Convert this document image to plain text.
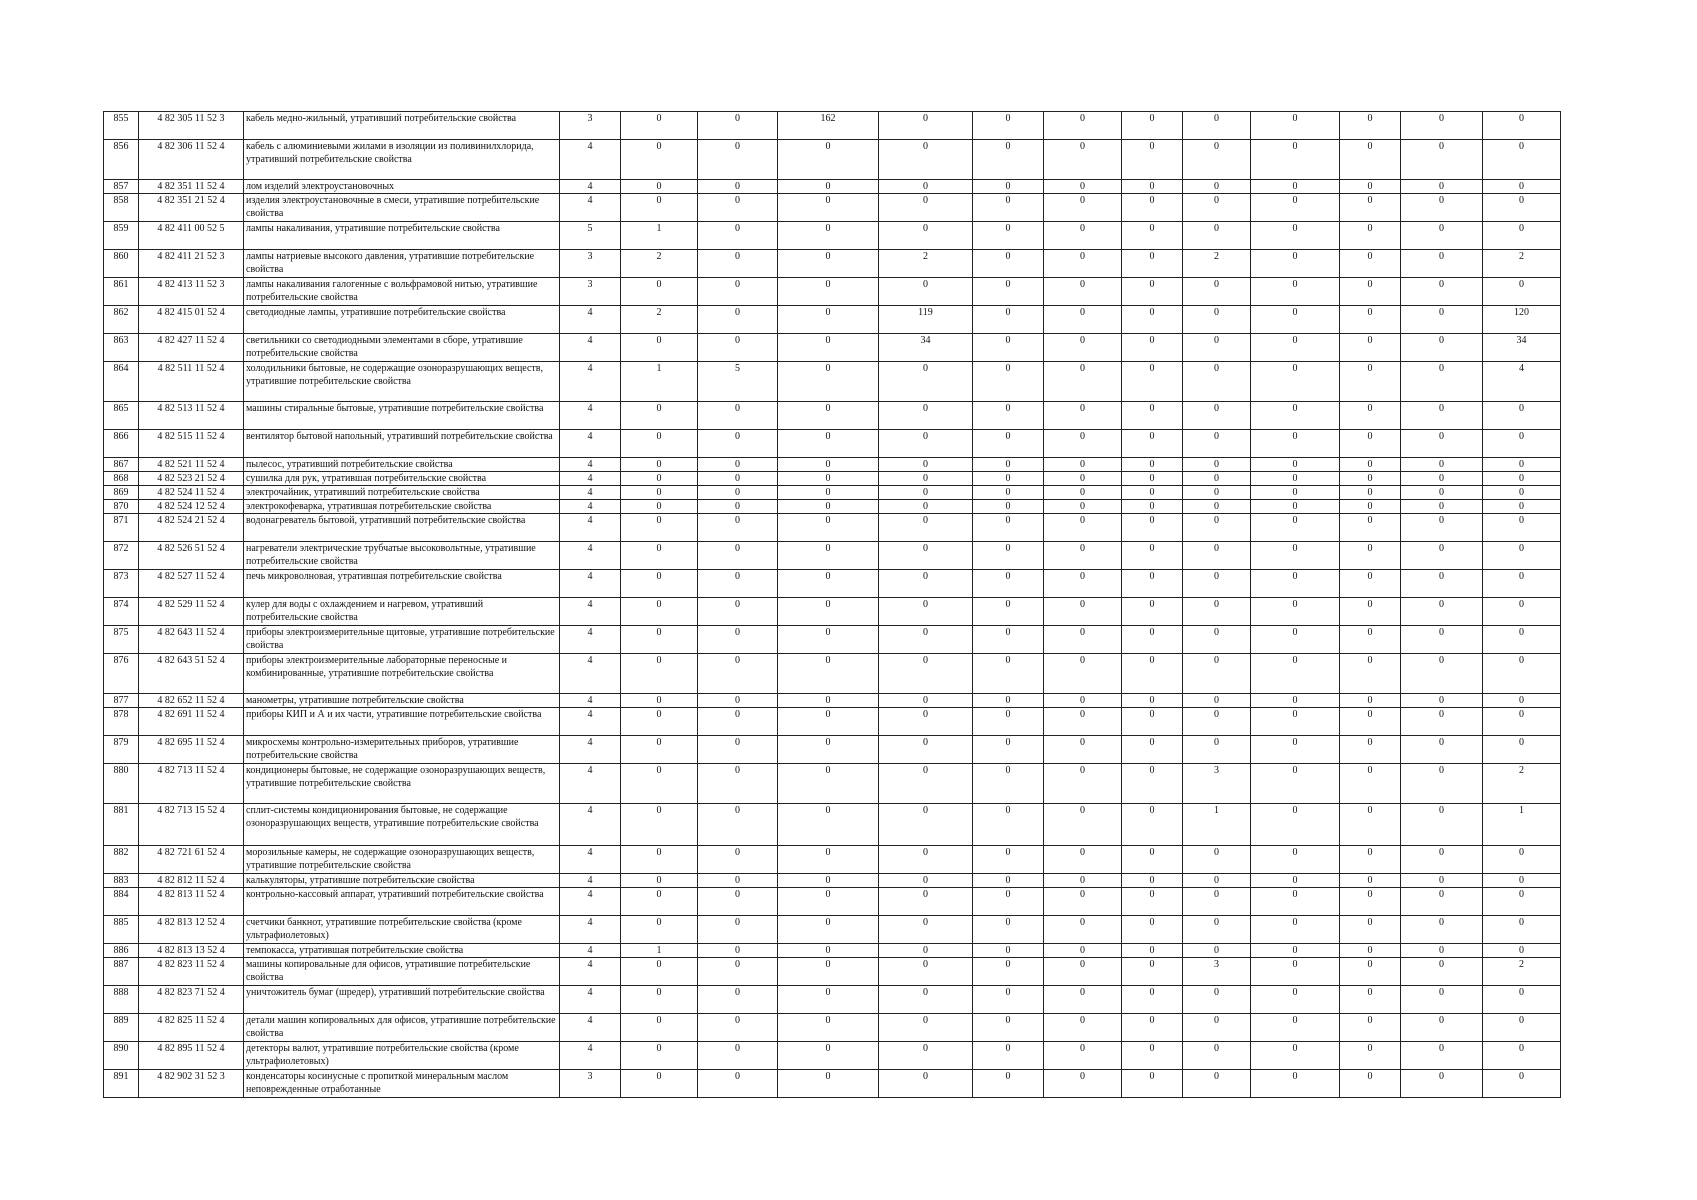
855	4 82 305 11 52 3	кабель медно-жильный, утративший потребительские свойства	3	0	0	162	0	0	0	0	0	0	0	0	0
856	4 82 306 11 52 4	кабель с алюминиевыми жилами в изоляции из поливинилхлорида, утративший потребительские свойства	4	0	0	0	0	0	0	0	0	0	0	0	0
857	4 82 351 11 52 4	лом изделий электроустановочных	4	0	0	0	0	0	0	0	0	0	0	0	0
858	4 82 351 21 52 4	изделия электроустановочные в смеси, утратившие потребительские свойства	4	0	0	0	0	0	0	0	0	0	0	0	0
859	4 82 411 00 52 5	лампы накаливания, утратившие потребительские свойства	5	1	0	0	0	0	0	0	0	0	0	0	0
860	4 82 411 21 52 3	лампы натриевые высокого давления, утратившие потребительские свойства	3	2	0	0	2	0	0	0	2	0	0	0	2
861	4 82 413 11 52 3	лампы накаливания галогенные с вольфрамовой нитью, утратившие потребительские свойства	3	0	0	0	0	0	0	0	0	0	0	0	0
862	4 82 415 01 52 4	светодиодные лампы, утратившие потребительские свойства	4	2	0	0	119	0	0	0	0	0	0	0	120
863	4 82 427 11 52 4	светильники со светодиодными элементами в сборе, утратившие потребительские свойства	4	0	0	0	34	0	0	0	0	0	0	0	34
864	4 82 511 11 52 4	холодильники бытовые, не содержащие озоноразрушающих веществ, утратившие потребительские свойства	4	1	5	0	0	0	0	0	0	0	0	0	4
865	4 82 513 11 52 4	машины стиральные бытовые, утратившие потребительские свойства	4	0	0	0	0	0	0	0	0	0	0	0	0
866	4 82 515 11 52 4	вентилятор бытовой напольный, утративший потребительские свойства	4	0	0	0	0	0	0	0	0	0	0	0	0
867	4 82 521 11 52 4	пылесос, утративший потребительские свойства	4	0	0	0	0	0	0	0	0	0	0	0	0
868	4 82 523 21 52 4	сушилка для рук, утратившая потребительские свойства	4	0	0	0	0	0	0	0	0	0	0	0	0
869	4 82 524 11 52 4	электрочайник, утративший потребительские свойства	4	0	0	0	0	0	0	0	0	0	0	0	0
870	4 82 524 12 52 4	электрокофеварка, утратившая потребительские свойства	4	0	0	0	0	0	0	0	0	0	0	0	0
871	4 82 524 21 52 4	водонагреватель бытовой, утративший потребительские свойства	4	0	0	0	0	0	0	0	0	0	0	0	0
872	4 82 526 51 52 4	нагреватели электрические трубчатые высоковольтные, утратившие потребительские свойства	4	0	0	0	0	0	0	0	0	0	0	0	0
873	4 82 527 11 52 4	печь микроволновая, утратившая потребительские свойства	4	0	0	0	0	0	0	0	0	0	0	0	0
874	4 82 529 11 52 4	кулер для воды с охлаждением и нагревом, утративший потребительские свойства	4	0	0	0	0	0	0	0	0	0	0	0	0
875	4 82 643 11 52 4	приборы электроизмерительные щитовые, утратившие потребительские свойства	4	0	0	0	0	0	0	0	0	0	0	0	0
876	4 82 643 51 52 4	приборы электроизмерительные лабораторные переносные и комбинированные, утратившие потребительские свойства	4	0	0	0	0	0	0	0	0	0	0	0	0
877	4 82 652 11 52 4	манометры, утратившие потребительские свойства	4	0	0	0	0	0	0	0	0	0	0	0	0
878	4 82 691 11 52 4	приборы КИП и А и их части, утратившие потребительские свойства	4	0	0	0	0	0	0	0	0	0	0	0	0
879	4 82 695 11 52 4	микросхемы контрольно-измерительных приборов, утратившие потребительские свойства	4	0	0	0	0	0	0	0	0	0	0	0	0
880	4 82 713 11 52 4	кондиционеры бытовые, не содержащие озоноразрушающих веществ, утратившие потребительские свойства	4	0	0	0	0	0	0	0	3	0	0	0	2
881	4 82 713 15 52 4	сплит-системы кондиционирования бытовые, не содержащие озоноразрушающих веществ, утратившие потребительские свойства	4	0	0	0	0	0	0	0	1	0	0	0	1
882	4 82 721 61 52 4	морозильные камеры, не содержащие озоноразрушающих веществ, утратившие потребительские свойства	4	0	0	0	0	0	0	0	0	0	0	0	0
883	4 82 812 11 52 4	калькуляторы, утратившие потребительские свойства	4	0	0	0	0	0	0	0	0	0	0	0	0
884	4 82 813 11 52 4	контрольно-кассовый аппарат, утративший потребительские свойства	4	0	0	0	0	0	0	0	0	0	0	0	0
885	4 82 813 12 52 4	счетчики банкнот, утратившие потребительские свойства (кроме ультрафиолетовых)	4	0	0	0	0	0	0	0	0	0	0	0	0
886	4 82 813 13 52 4	темпокасса, утратившая потребительские свойства	4	1	0	0	0	0	0	0	0	0	0	0	0
887	4 82 823 11 52 4	машины копировальные для офисов, утратившие потребительские свойства	4	0	0	0	0	0	0	0	3	0	0	0	2
888	4 82 823 71 52 4	уничтожитель бумаг (шредер), утративший потребительские свойства	4	0	0	0	0	0	0	0	0	0	0	0	0
889	4 82 825 11 52 4	детали машин копировальных для офисов, утратившие потребительские свойства	4	0	0	0	0	0	0	0	0	0	0	0	0
890	4 82 895 11 52 4	детекторы валют, утратившие потребительские свойства (кроме ультрафиолетовых)	4	0	0	0	0	0	0	0	0	0	0	0	0
891	4 82 902 31 52 3	конденсаторы косинусные с пропиткой минеральным маслом неповрежденные отработанные	3	0	0	0	0	0	0	0	0	0	0	0	0
